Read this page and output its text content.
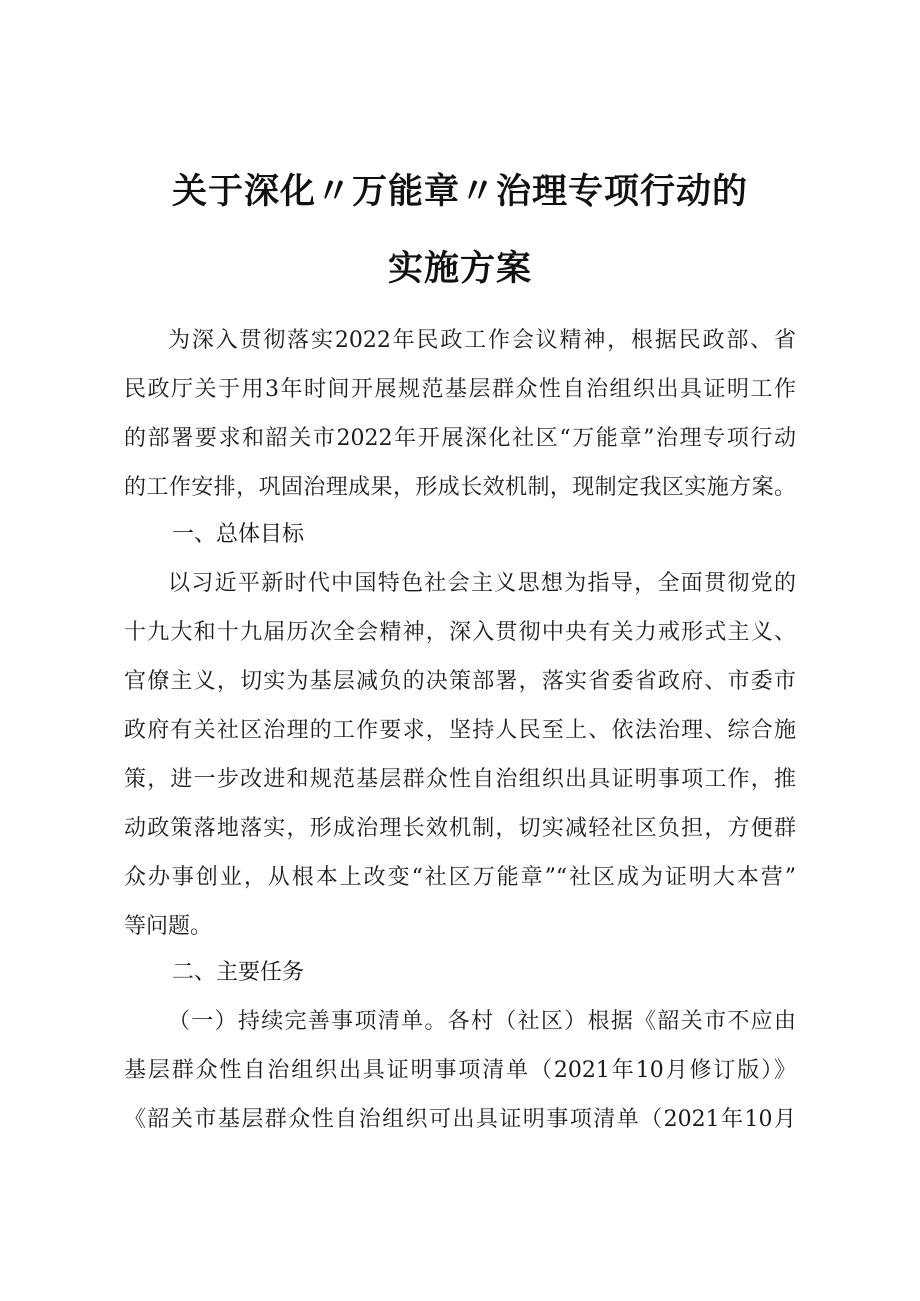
关于深化〃万能章〃治理专项行动的
实施方案
为深入贯彻落实2022年民政工作会议精神，根据民政部、省
民政厅关于用3年时间开展规范基层群众性自治组织出具证明工作
的部署要求和韶关市2022年开展深化社区“万能章”治理专项行动
的工作安排，巩固治理成果，形成长效机制，现制定我区实施方案。
一、总体目标
以习近平新时代中国特色社会主义思想为指导，全面贯彻党的
十九大和十九届历次全会精神，深入贯彻中央有关力戒形式主义、
官僚主义，切实为基层减负的决策部署，落实省委省政府、市委市
政府有关社区治理的工作要求，坚持人民至上、依法治理、综合施
策，进一步改进和规范基层群众性自治组织出具证明事项工作，推
动政策落地落实，形成治理长效机制，切实减轻社区负担，方便群
众办事创业，从根本上改变“社区万能章”“社区成为证明大本营”
等问题。
二、主要任务
（一）持续完善事项清单。各村（社区）根据《韶关市不应由
基层群众性自治组织出具证明事项清单（2021年10月修订版）》
《韶关市基层群众性自治组织可出具证明事项清单（2021年10月
